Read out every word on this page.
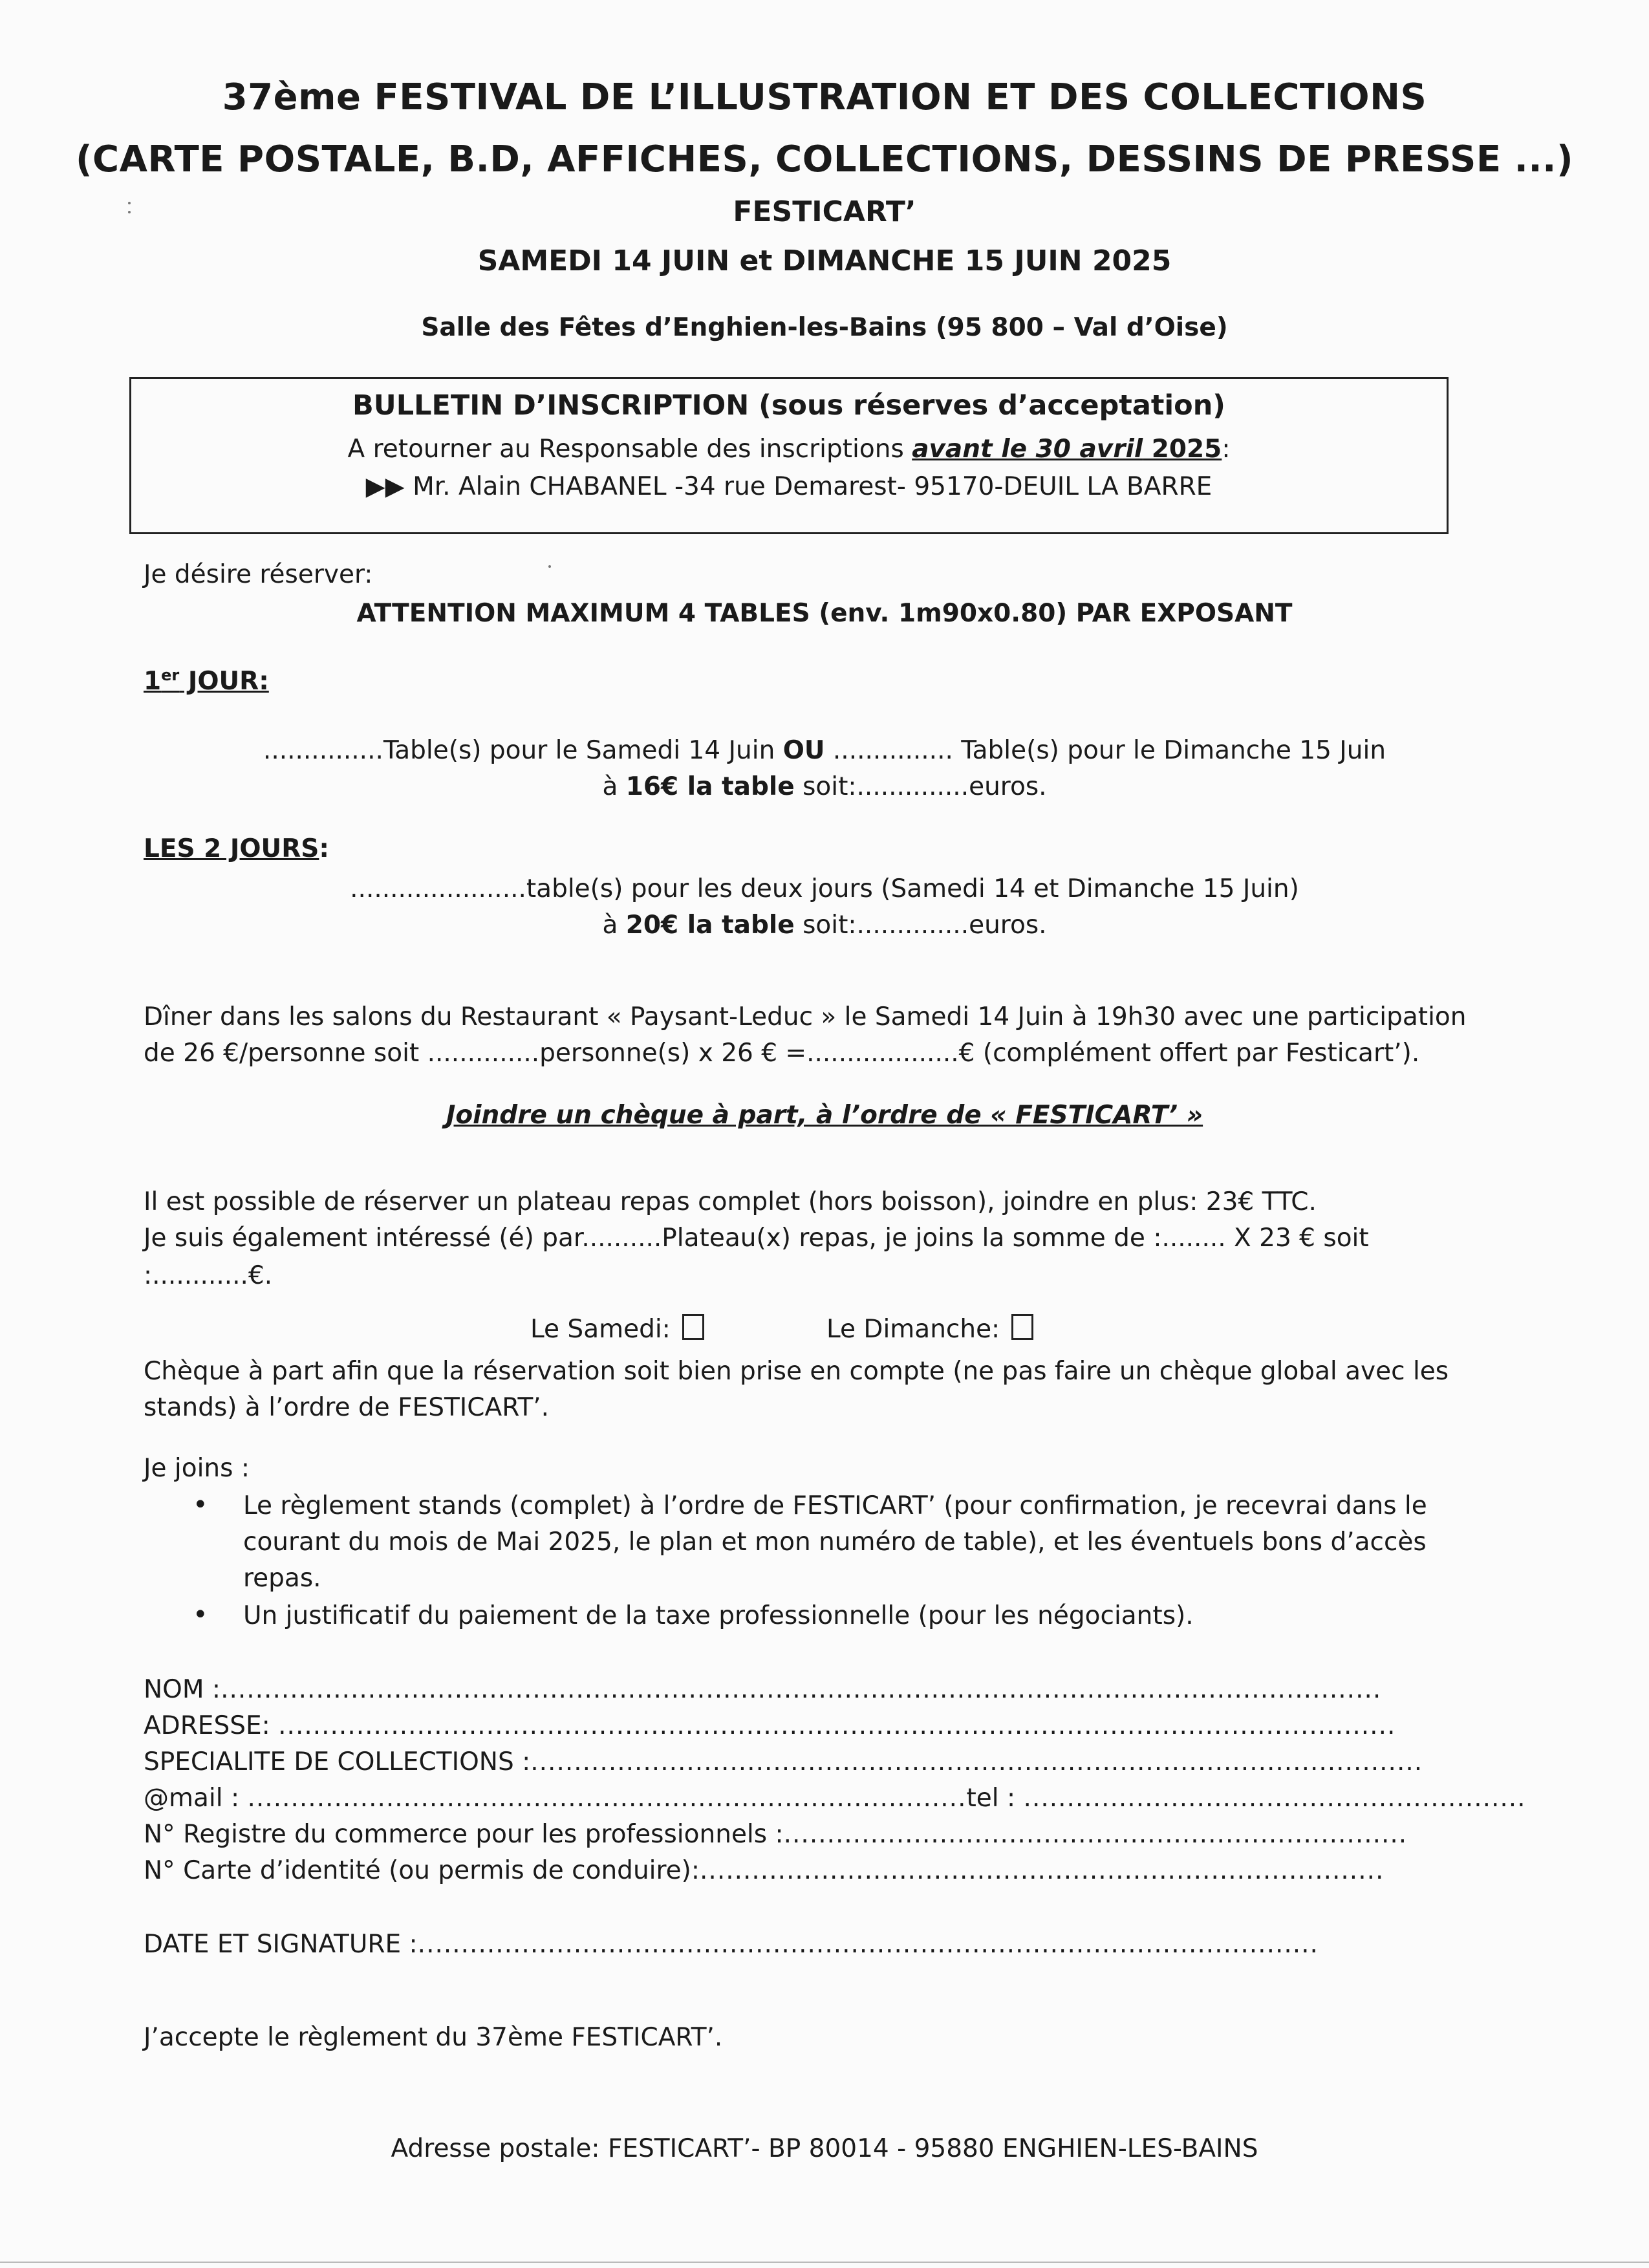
37ème FESTIVAL DE L’ILLUSTRATION ET DES COLLECTIONS
(CARTE POSTALE, B.D, AFFICHES, COLLECTIONS, DESSINS DE PRESSE ...)
FESTICART’
SAMEDI 14 JUIN et DIMANCHE 15 JUIN 2025
Salle des Fêtes d’Enghien-les-Bains (95 800 – Val d’Oise)
BULLETIN D’INSCRIPTION (sous réserves d’acceptation)
A retourner au Responsable des inscriptions avant le 30 avril 2025:
▶▶ Mr. Alain CHABANEL -34 rue Demarest- 95170-DEUIL LA BARRE
Je désire réserver:
ATTENTION MAXIMUM 4 TABLES (env. 1m90x0.80) PAR EXPOSANT
1er JOUR:
...............Table(s) pour le Samedi 14 Juin OU ............... Table(s) pour le Dimanche 15 Juin
à 16€ la table soit:..............euros.
LES 2 JOURS:
......................table(s) pour les deux jours (Samedi 14 et Dimanche 15 Juin)
à 20€ la table soit:..............euros.
Dîner dans les salons du Restaurant « Paysant-Leduc » le Samedi 14 Juin à 19h30 avec une participation
de 26 €/personne soit ..............personne(s) x 26 € =...................€ (complément offert par Festicart’).
Joindre un chèque à part, à l’ordre de « FESTICART’ »
Il est possible de réserver un plateau repas complet (hors boisson), joindre en plus: 23€ TTC.
Je suis également intéressé (é) par..........Plateau(x) repas, je joins la somme de :........ X 23 € soit
:............€.
Le Samedi:	Le Dimanche:
Chèque à part afin que la réservation soit bien prise en compte (ne pas faire un chèque global avec les
stands) à l’ordre de FESTICART’.
Je joins :
• Le règlement stands (complet) à l’ordre de FESTICART’ (pour confirmation, je recevrai dans le
courant du mois de Mai 2025, le plan et mon numéro de table), et les éventuels bons d’accès
repas.
• Un justificatif du paiement de la taxe professionnelle (pour les négociants).
NOM :......................................................................................................................................
ADRESSE: .................................................................................................................................
SPECIALITE DE COLLECTIONS :.......................................................................................................
@mail : ...................................................................................tel : ..........................................................
N° Registre du commerce pour les professionnels :........................................................................
N° Carte d’identité (ou permis de conduire):...............................................................................
DATE ET SIGNATURE :........................................................................................................
J’accepte le règlement du 37ème FESTICART’.
Adresse postale: FESTICART’- BP 80014 - 95880 ENGHIEN-LES-BAINS
